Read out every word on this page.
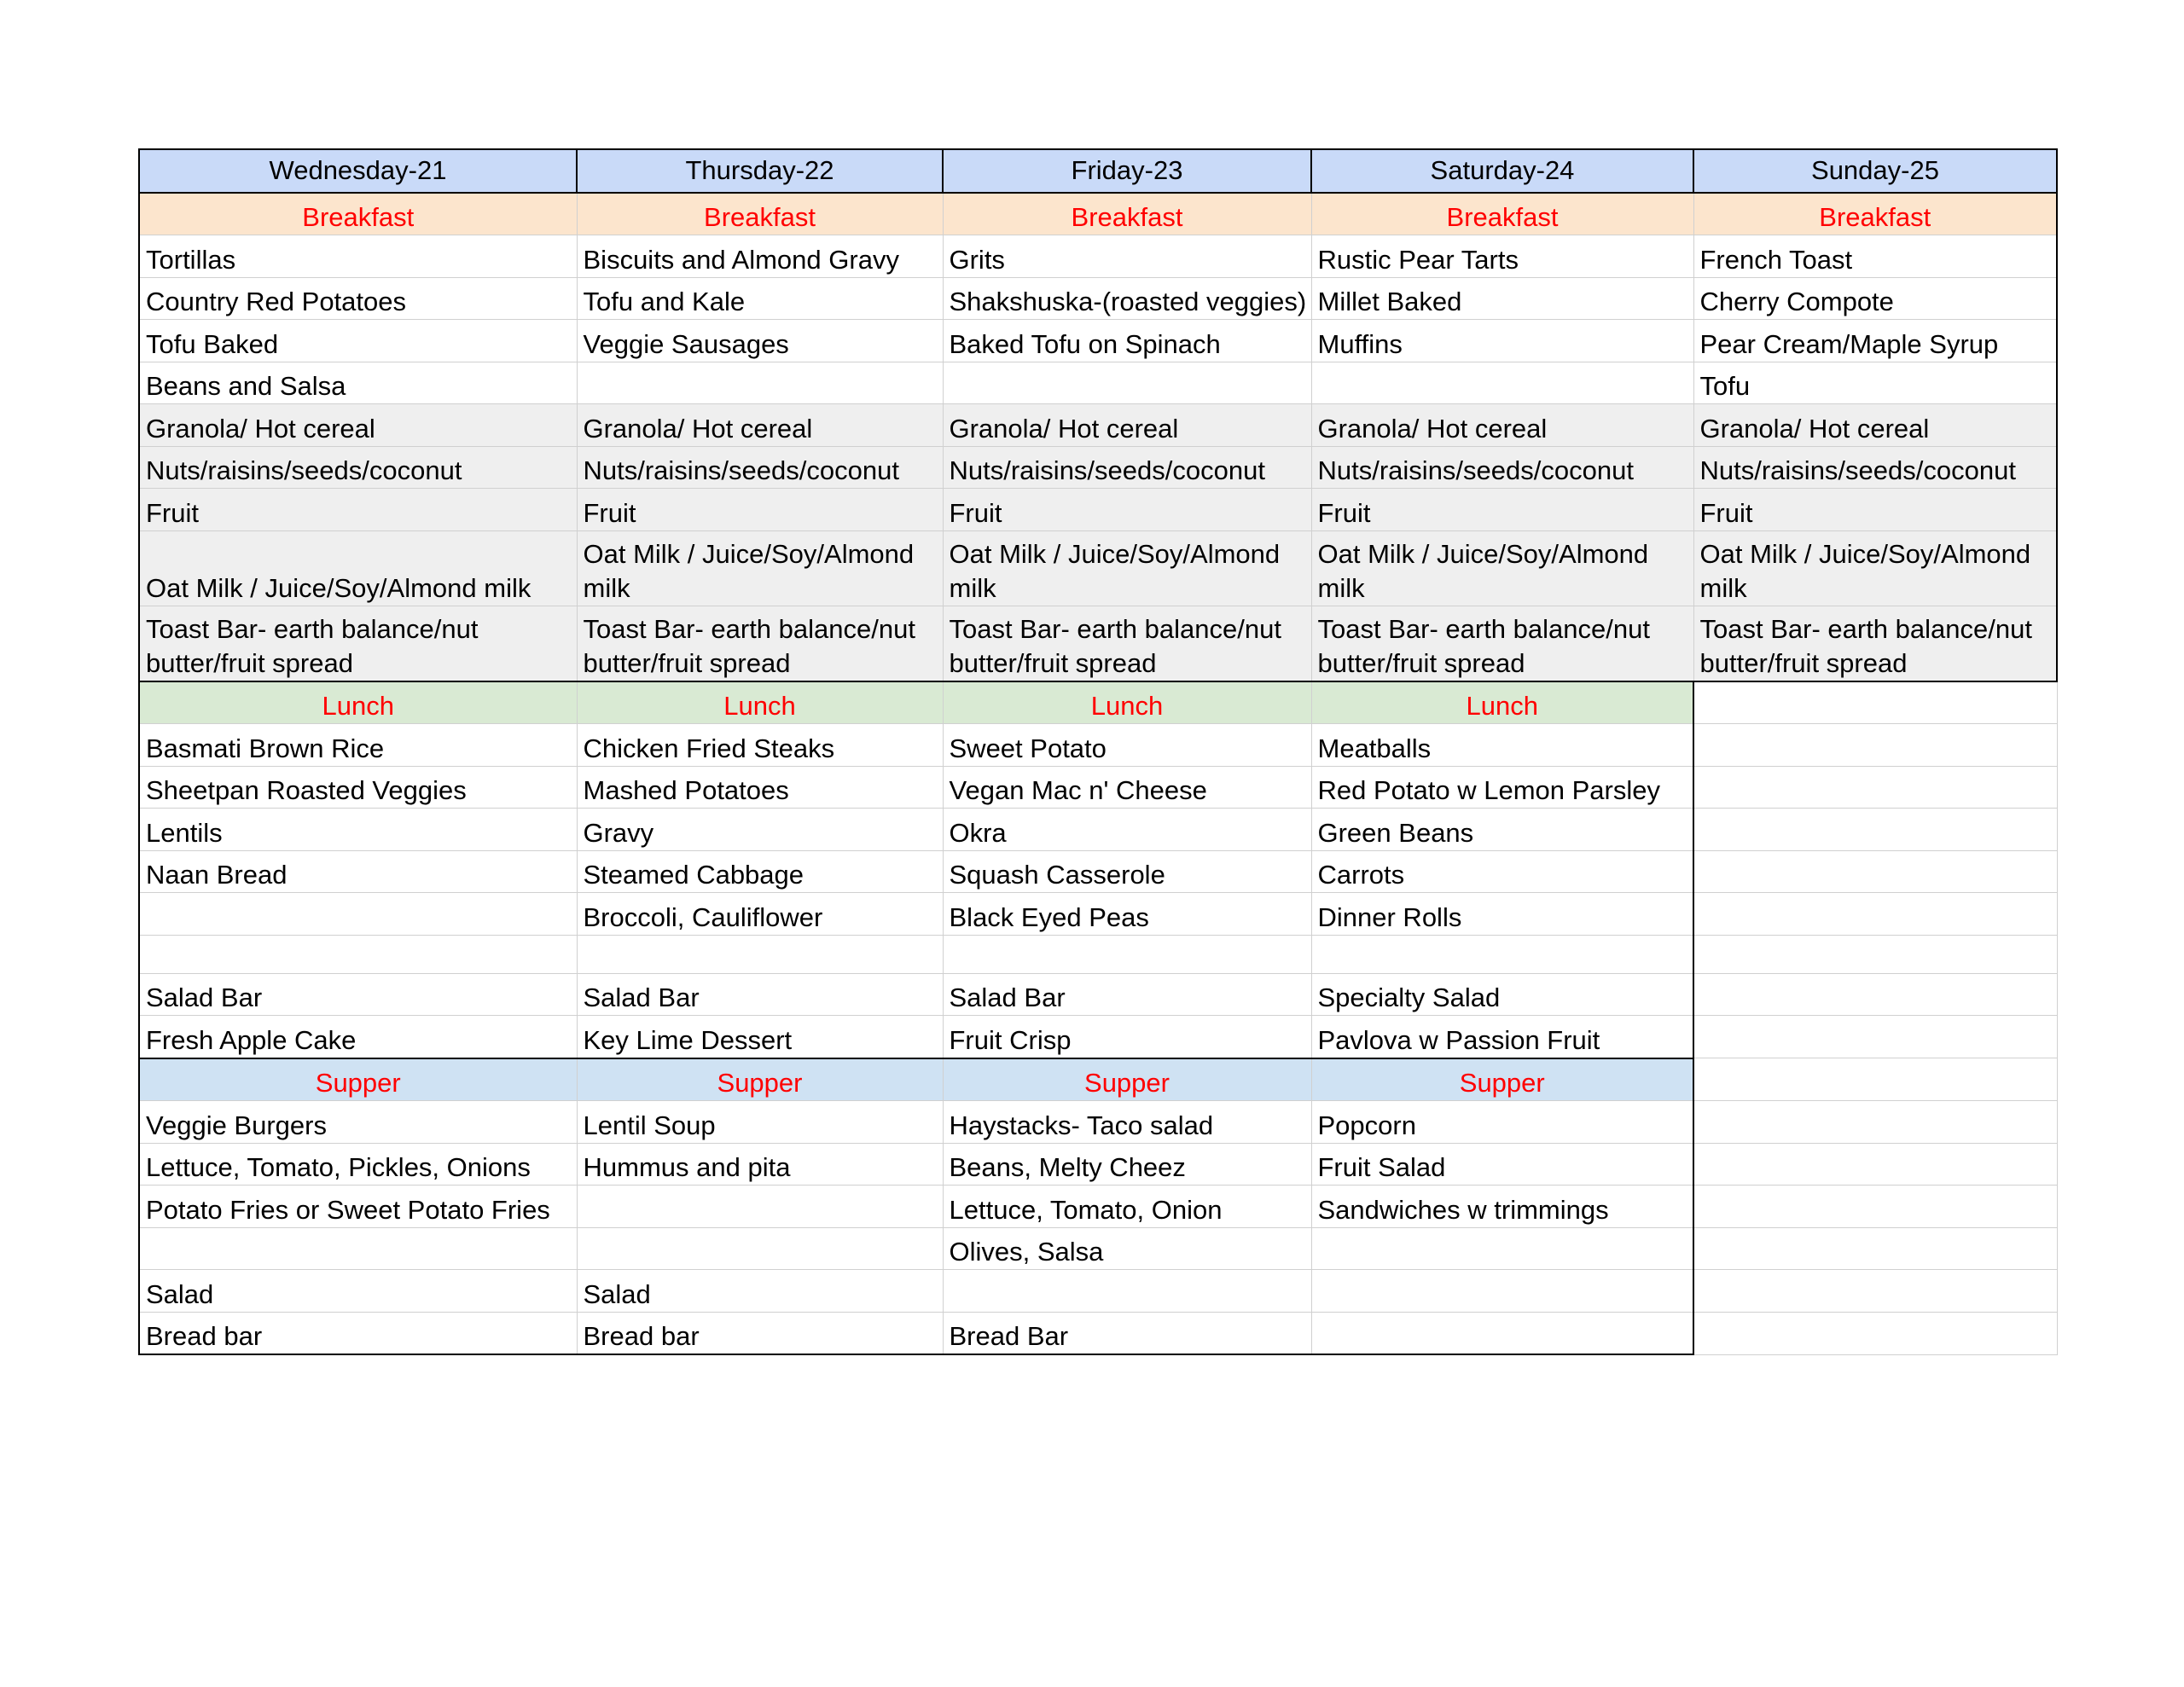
Wednesday-21	Thursday-22	Friday-23	Saturday-24	Sunday-25
Breakfast	Breakfast	Breakfast	Breakfast	Breakfast
Tortillas	Biscuits and Almond Gravy	Grits	Rustic Pear Tarts	French Toast
Country Red Potatoes	Tofu and Kale	Shakshuska-(roasted veggies)	Millet Baked	Cherry Compote
Tofu Baked	Veggie Sausages	Baked Tofu on Spinach	Muffins	Pear Cream/Maple Syrup
Beans and Salsa				Tofu
Granola/ Hot cereal	Granola/ Hot cereal	Granola/ Hot cereal	Granola/ Hot cereal	Granola/ Hot cereal
Nuts/raisins/seeds/coconut	Nuts/raisins/seeds/coconut	Nuts/raisins/seeds/coconut	Nuts/raisins/seeds/coconut	Nuts/raisins/seeds/coconut
Fruit	Fruit	Fruit	Fruit	Fruit
Oat Milk / Juice/Soy/Almond milk	Oat Milk / Juice/Soy/Almond milk	Oat Milk / Juice/Soy/Almond milk	Oat Milk / Juice/Soy/Almond milk	Oat Milk / Juice/Soy/Almond milk
Toast Bar- earth balance/nut butter/fruit spread	Toast Bar- earth balance/nut butter/fruit spread	Toast Bar- earth balance/nut butter/fruit spread	Toast Bar- earth balance/nut butter/fruit spread	Toast Bar- earth balance/nut butter/fruit spread
Lunch	Lunch	Lunch	Lunch	
Basmati Brown Rice	Chicken Fried Steaks	Sweet Potato	Meatballs	
Sheetpan Roasted Veggies	Mashed Potatoes	Vegan Mac n' Cheese	Red Potato w Lemon Parsley	
Lentils	Gravy	Okra	Green Beans	
Naan Bread	Steamed Cabbage	Squash Casserole	Carrots	
	Broccoli, Cauliflower	Black Eyed Peas	Dinner Rolls	

Salad Bar	Salad Bar	Salad Bar	Specialty Salad	
Fresh Apple Cake	Key Lime Dessert	Fruit Crisp	Pavlova w Passion Fruit	
Supper	Supper	Supper	Supper	
Veggie Burgers	Lentil Soup	Haystacks- Taco salad	Popcorn	
Lettuce, Tomato, Pickles, Onions	Hummus and pita	Beans, Melty Cheez	Fruit Salad	
Potato Fries or Sweet Potato Fries		Lettuce, Tomato, Onion	Sandwiches w trimmings	
		Olives, Salsa		
Salad	Salad			
Bread bar	Bread bar	Bread Bar		
